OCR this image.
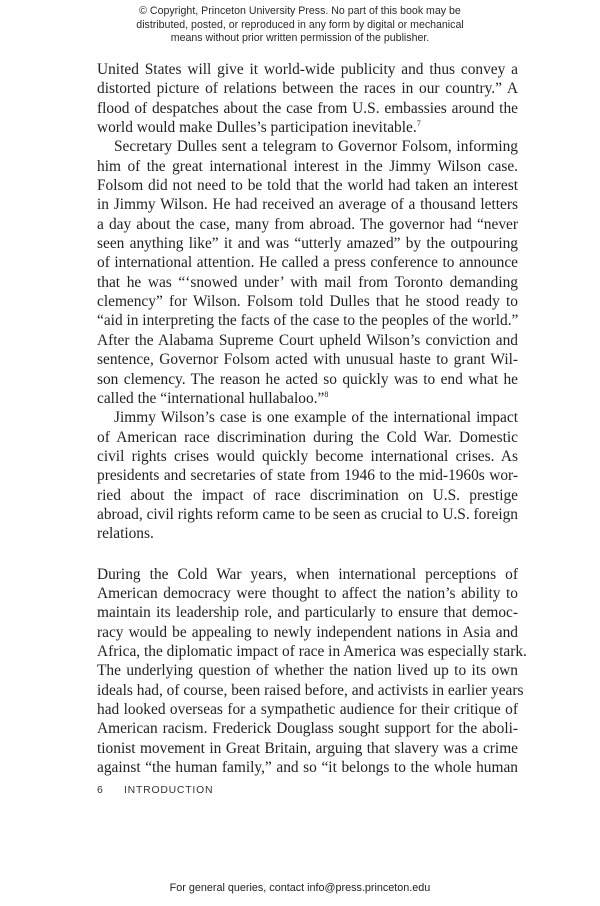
© Copyright, Princeton University Press. No part of this book may be
distributed, posted, or reproduced in any form by digital or mechanical
means without prior written permission of the publisher.
United States will give it world-wide publicity and thus convey a
distorted picture of relations between the races in our country.” A
flood of despatches about the case from U.S. embassies around the
world would make Dulles’s participation inevitable.$^7$
Secretary Dulles sent a telegram to Governor Folsom, informing
him of the great international interest in the Jimmy Wilson case.
Folsom did not need to be told that the world had taken an interest
in Jimmy Wilson. He had received an average of a thousand letters
a day about the case, many from abroad. The governor had “never
seen anything like” it and was “utterly amazed” by the outpouring
of international attention. He called a press conference to announce
that he was “‘snowed under’ with mail from Toronto demanding
clemency” for Wilson. Folsom told Dulles that he stood ready to
“aid in interpreting the facts of the case to the peoples of the world.”
After the Alabama Supreme Court upheld Wilson’s conviction and
sentence, Governor Folsom acted with unusual haste to grant Wil-
son clemency. The reason he acted so quickly was to end what he
called the “international hullabaloo.”$^8$
Jimmy Wilson’s case is one example of the international impact
of American race discrimination during the Cold War. Domestic
civil rights crises would quickly become international crises. As
presidents and secretaries of state from 1946 to the mid-1960s wor-
ried about the impact of race discrimination on U.S. prestige
abroad, civil rights reform came to be seen as crucial to U.S. foreign
relations.
During the Cold War years, when international perceptions of
American democracy were thought to affect the nation’s ability to
maintain its leadership role, and particularly to ensure that democ-
racy would be appealing to newly independent nations in Asia and
Africa, the diplomatic impact of race in America was especially stark.
The underlying question of whether the nation lived up to its own
ideals had, of course, been raised before, and activists in earlier years
had looked overseas for a sympathetic audience for their critique of
American racism. Frederick Douglass sought support for the aboli-
tionist movement in Great Britain, arguing that slavery was a crime
against “the human family,” and so “it belongs to the whole human
6 INTRODUCTION
For general queries, contact info@press.princeton.edu
